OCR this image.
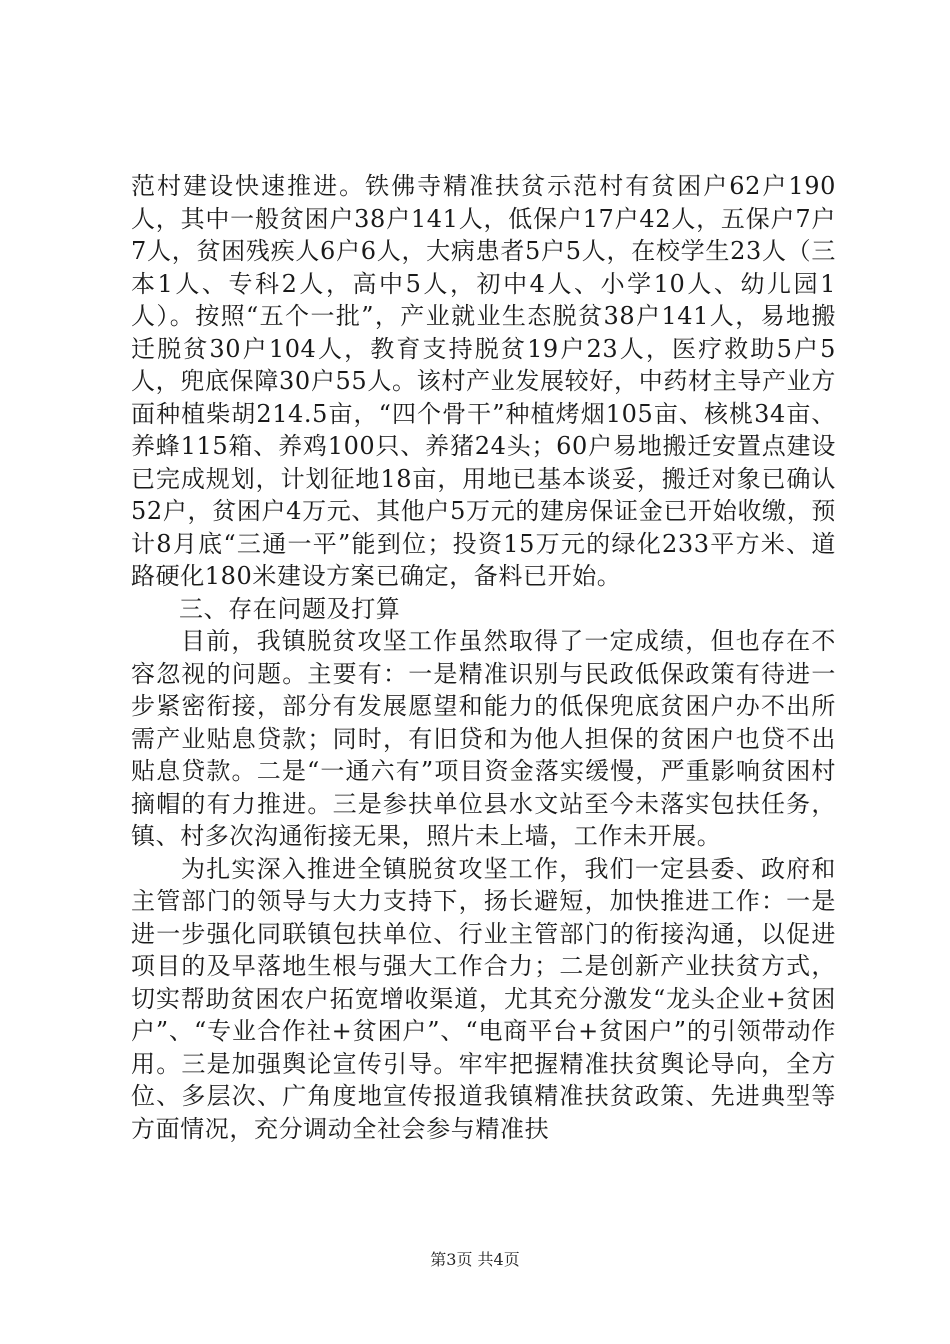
范村建设快速推进。铁佛寺精准扶贫示范村有贫困户62户190人，其中一般贫困户38户141人，低保户17户42人，五保户7户7人，贫困残疾人6户6人，大病患者5户5人，在校学生23人（三本1人、专科2人，高中5人，初中4人、小学10人、幼儿园1人）。按照“五个一批”，产业就业生态脱贫38户141人，易地搬迁脱贫30户104人，教育支持脱贫19户23人，医疗救助5户5人，兜底保障30户55人。该村产业发展较好，中药材主导产业方面种植柴胡214.5亩，“四个骨干”种植烤烟105亩、核桃34亩、养蜂115箱、养鸡100只、养猪24头；60户易地搬迁安置点建设已完成规划，计划征地18亩，用地已基本谈妥，搬迁对象已确认52户，贫困户4万元、其他户5万元的建房保证金已开始收缴，预计8月底“三通一平”能到位；投资15万元的绿化233平方米、道路硬化180米建设方案已确定，备料已开始。

三、存在问题及打算

目前，我镇脱贫攻坚工作虽然取得了一定成绩，但也存在不容忽视的问题。主要有：一是精准识别与民政低保政策有待进一步紧密衔接，部分有发展愿望和能力的低保兜底贫困户办不出所需产业贴息贷款；同时，有旧贷和为他人担保的贫困户也贷不出贴息贷款。二是“一通六有”项目资金落实缓慢，严重影响贫困村摘帽的有力推进。三是参扶单位县水文站至今未落实包扶任务，镇、村多次沟通衔接无果，照片未上墙，工作未开展。

为扎实深入推进全镇脱贫攻坚工作，我们一定县委、政府和主管部门的领导与大力支持下，扬长避短，加快推进工作：一是进一步强化同联镇包扶单位、行业主管部门的衔接沟通，以促进项目的及早落地生根与强大工作合力；二是创新产业扶贫方式，切实帮助贫困农户拓宽增收渠道，尤其充分激发“龙头企业+贫困户”、“专业合作社+贫困户”、“电商平台+贫困户”的引领带动作用。三是加强舆论宣传引导。牢牢把握精准扶贫舆论导向，全方位、多层次、广角度地宣传报道我镇精准扶贫政策、先进典型等方面情况，充分调动全社会参与精准扶

第3页 共4页
